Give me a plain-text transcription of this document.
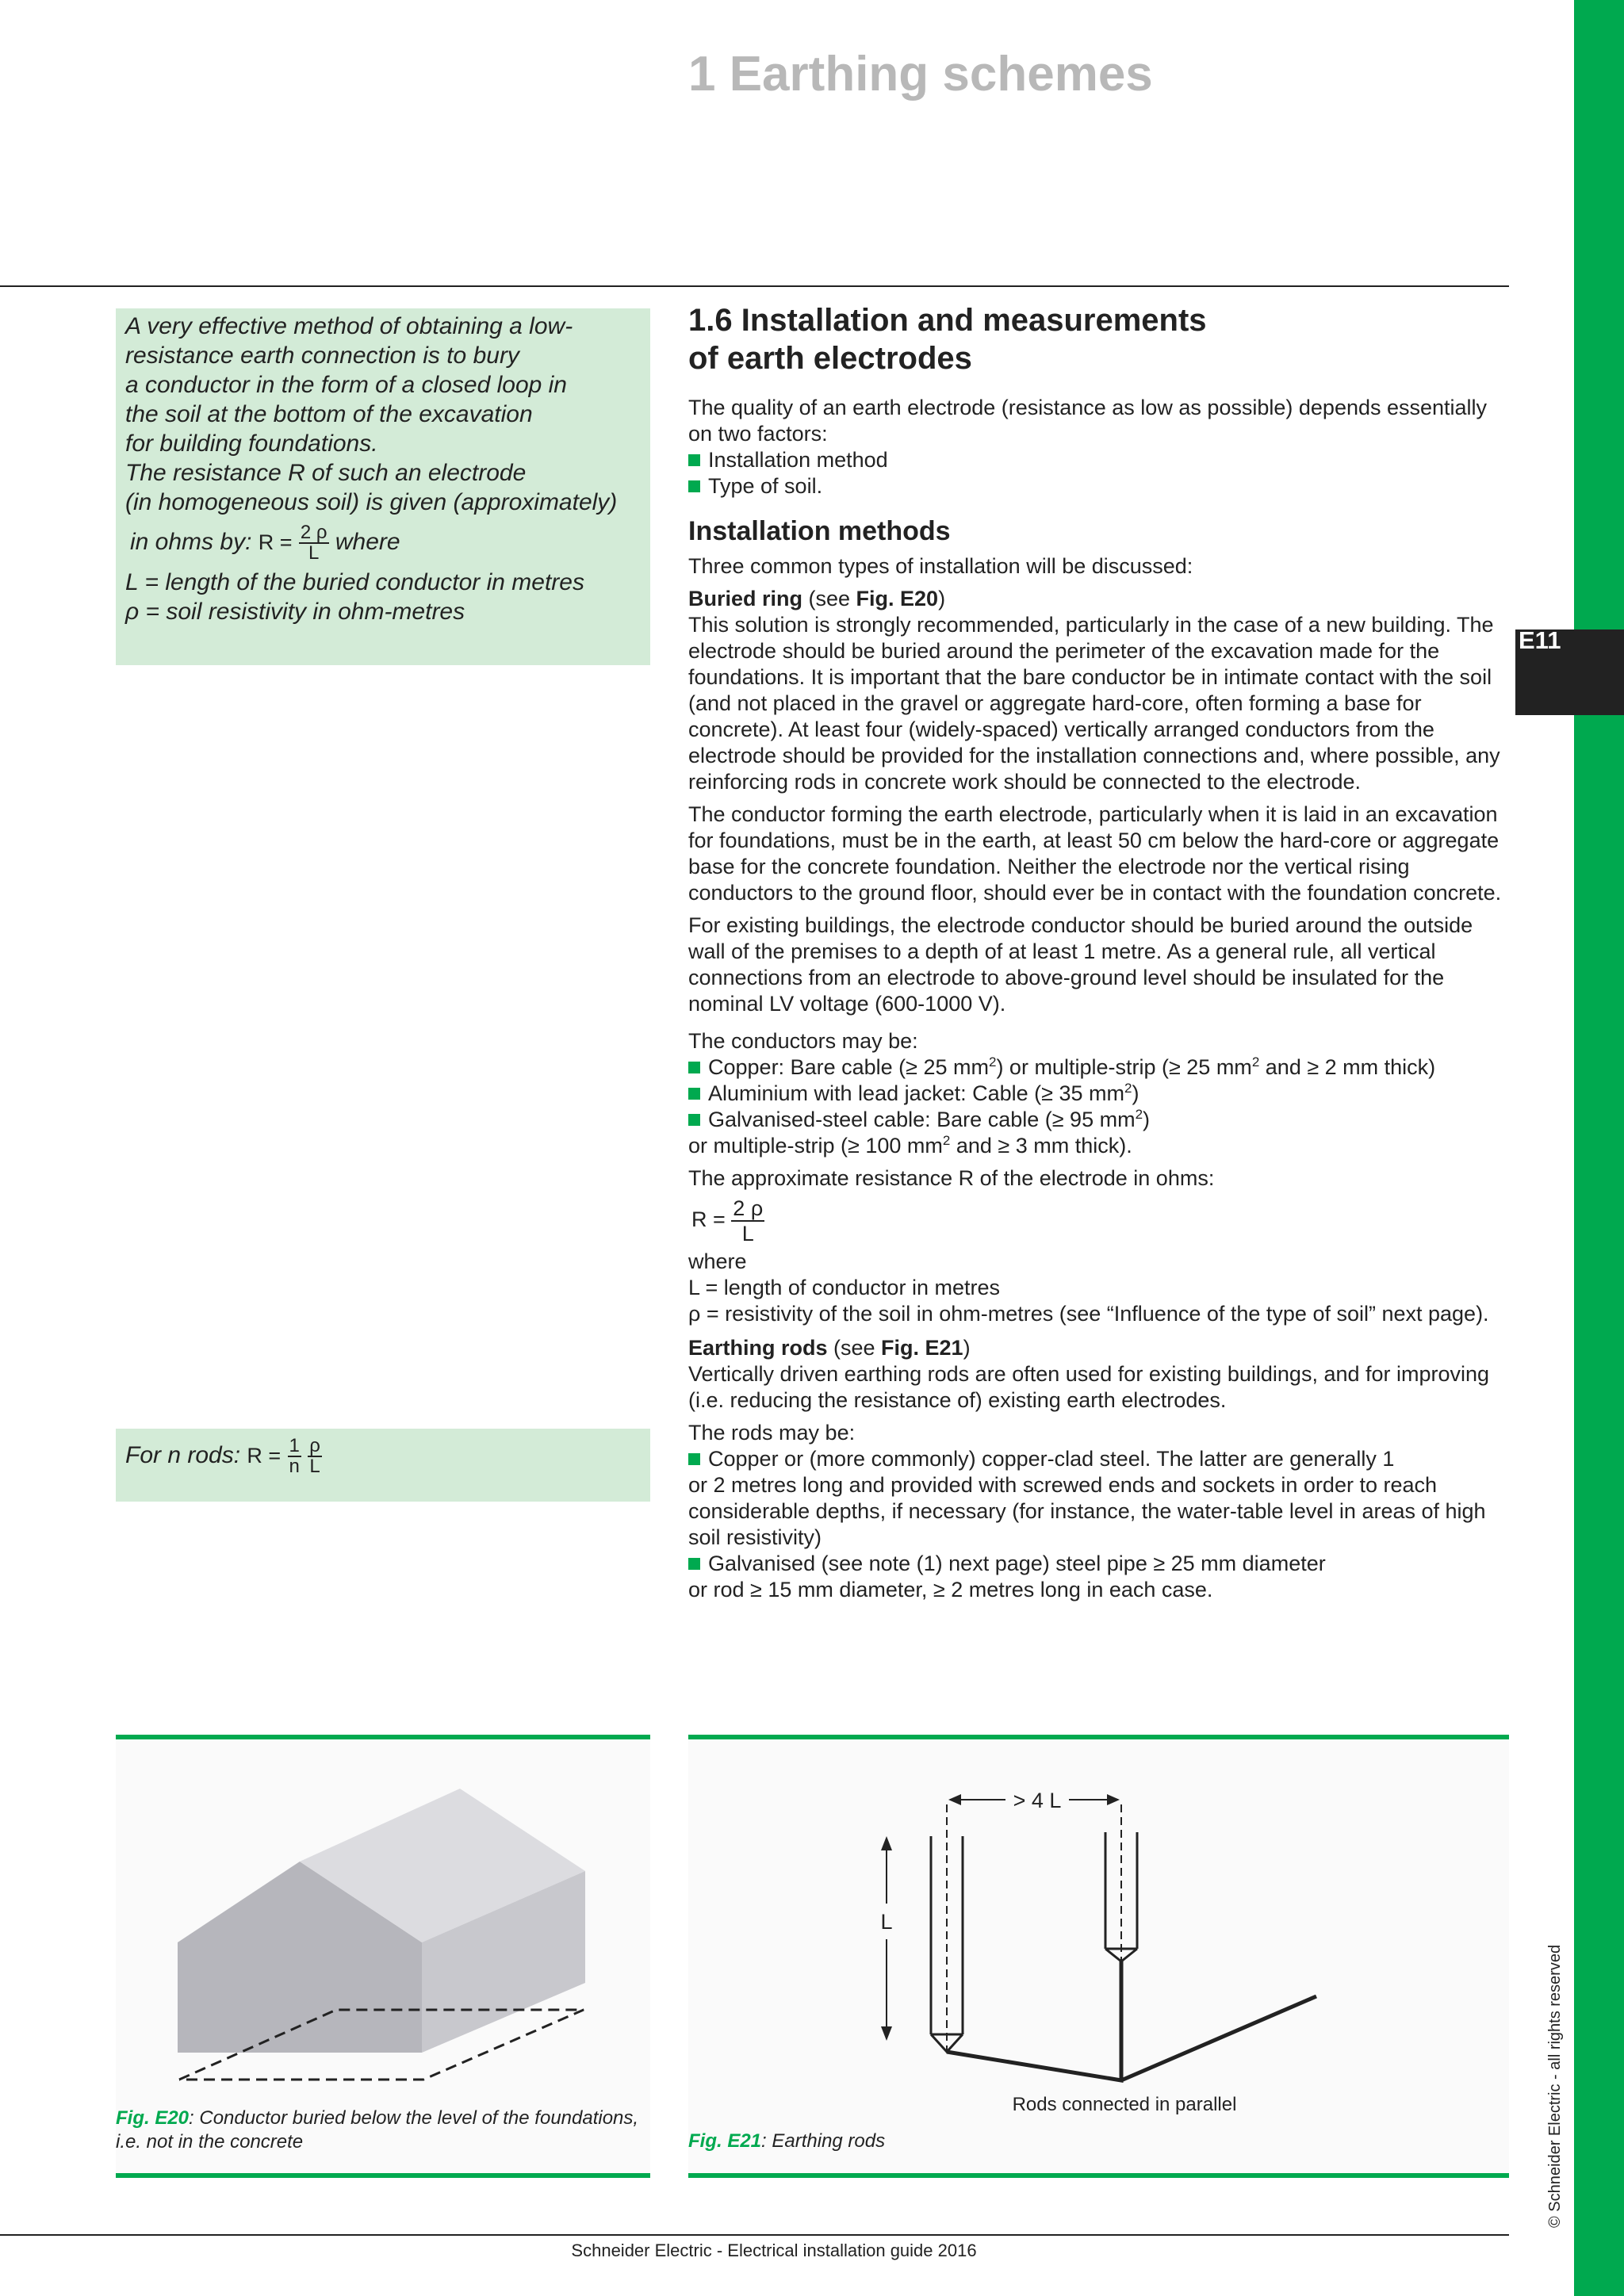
E11
© Schneider Electric - all rights reserved
1 Earthing schemes
A very effective method of obtaining a low-
resistance earth connection is to bury
a conductor in the form of a closed loop in
the soil at the bottom of the excavation
for building foundations.
The resistance R of such an electrode
(in homogeneous soil) is given (approximately)
in ohms by: $R = \frac{2 \rho}{L}$ where
L = length of the buried conductor in metres
ρ = soil resistivity in ohm-metres
For n rods: $R = \frac{1}{n}$
$\frac{\rho}{L}$
1.6 Installation and measurements
of earth electrodes

The quality of an earth electrode (resistance as low as possible) depends essentially on two factors:

Installation method

Type of soil.

Installation methods

Three common types of installation will be discussed:

Buried ring (see Fig. E20)

This solution is strongly recommended, particularly in the case of a new building. The electrode should be buried around the perimeter of the excavation made for the foundations. It is important that the bare conductor be in intimate contact with the soil (and not placed in the gravel or aggregate hard-core, often forming a base for concrete). At least four (widely-spaced) vertically arranged conductors from the electrode should be provided for the installation connections and, where possible, any reinforcing rods in concrete work should be connected to the electrode.

The conductor forming the earth electrode, particularly when it is laid in an excavation for foundations, must be in the earth, at least 50 cm below the hard-core or aggregate base for the concrete foundation. Neither the electrode nor the vertical rising conductors to the ground floor, should ever be in contact with the foundation concrete.

For existing buildings, the electrode conductor should be buried around the outside wall of the premises to a depth of at least 1 metre. As a general rule, all vertical connections from an electrode to above-ground level should be insulated for the nominal LV voltage (600-1000 V).

The conductors may be:

Copper: Bare cable (≥ 25 $mm^2$) or multiple-strip (≥ 25 $mm^2$ and ≥ 2 mm thick)

Aluminium with lead jacket: Cable (≥ 35 $mm^2$)

Galvanised-steel cable: Bare cable (≥ 95 $mm^2$)

or multiple-strip (≥ 100 $mm^2$ and ≥ 3 mm thick).

The approximate resistance R of the electrode in ohms:

$R = \frac{2 \rho}{L}$

where

L = length of conductor in metres

ρ = resistivity of the soil in ohm-metres (see “Influence of the type of soil” next page).

Earthing rods (see Fig. E21)

Vertically driven earthing rods are often used for existing buildings, and for improving (i.e. reducing the resistance of) existing earth electrodes.

The rods may be:

Copper or (more commonly) copper-clad steel. The latter are generally 1

or 2 metres long and provided with screwed ends and sockets in order to reach considerable depths, if necessary (for instance, the water-table level in areas of high soil resistivity)

Galvanised (see note (1) next page) steel pipe ≥ 25 mm diameter

or rod ≥ 15 mm diameter, ≥ 2 metres long in each case.

> 4 L
L
Rods connected in parallel
Fig. E20: Conductor buried below the level of the foundations, i.e. not in the concrete	Fig. E21: Earthing rods
Schneider Electric - Electrical installation guide 2016
